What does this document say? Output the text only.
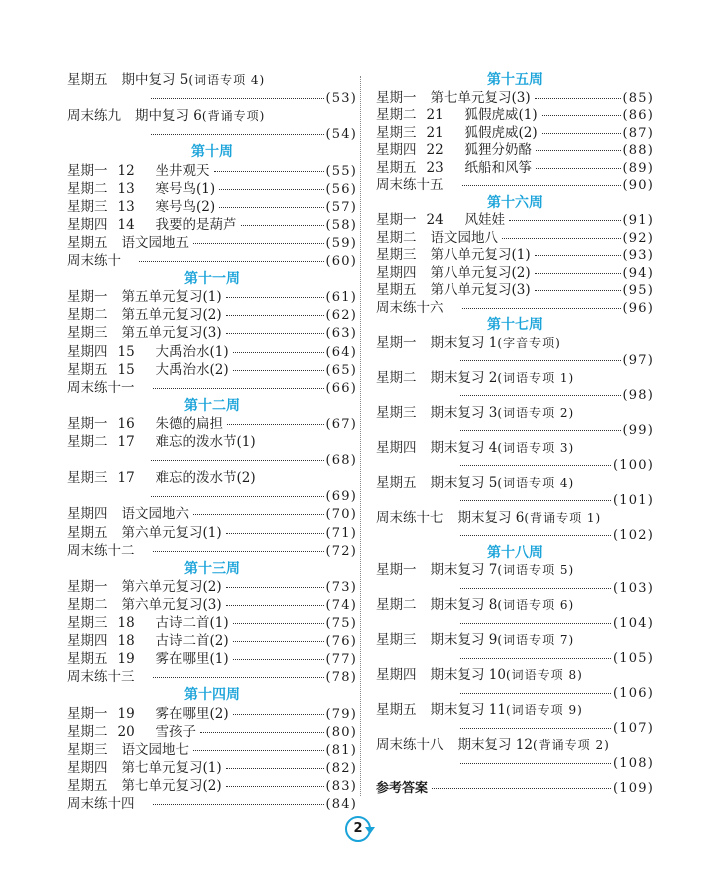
星期五 期中复习 5 (词语专项 4)
(53)
周末练九 期中复习 6 (背诵专项)
(54)
第十周
星期一 12	坐井观天	(55)
星期二 13	寒号鸟(1)	(56)
星期三 13	寒号鸟(2)	(57)
星期四 14	我要的是葫芦	(58)
星期五 语文园地五	(59)
周末练十	(60)
第十一周
星期一 第五单元复习(1)	(61)
星期二 第五单元复习(2)	(62)
星期三 第五单元复习(3)	(63)
星期四 15	大禹治水(1)	(64)
星期五 15	大禹治水(2)	(65)
周末练十一	(66)
第十二周
星期一 16	朱德的扁担	(67)
星期二 17	难忘的泼水节(1)
(68)
星期三 17	难忘的泼水节(2)
(69)
星期四 语文园地六	(70)
星期五 第六单元复习(1)	(71)
周末练十二	(72)
第十三周
星期一 第六单元复习(2)	(73)
星期二 第六单元复习(3)	(74)
星期三 18	古诗二首(1)	(75)
星期四 18	古诗二首(2)	(76)
星期五 19	雾在哪里(1)	(77)
周末练十三	(78)
第十四周
星期一 19	雾在哪里(2)	(79)
星期二 20	雪孩子	(80)
星期三 语文园地七	(81)
星期四 第七单元复习(1)	(82)
星期五 第七单元复习(2)	(83)
周末练十四	(84)
第十五周
星期一 第七单元复习(3)	(85)
星期二 21	狐假虎威(1)	(86)
星期三 21	狐假虎威(2)	(87)
星期四 22	狐狸分奶酪	(88)
星期五 23	纸船和风筝	(89)
周末练十五	(90)
第十六周
星期一 24	风娃娃	(91)
星期二 语文园地八	(92)
星期三 第八单元复习(1)	(93)
星期四 第八单元复习(2)	(94)
星期五 第八单元复习(3)	(95)
周末练十六	(96)
第十七周
星期一 期末复习 1 (字音专项)
(97)
星期二 期末复习 2 (词语专项 1)
(98)
星期三 期末复习 3 (词语专项 2)
(99)
星期四 期末复习 4 (词语专项 3)
(100)
星期五 期末复习 5 (词语专项 4)
(101)
周末练十七 期末复习 6 (背诵专项 1)
(102)
第十八周
星期一 期末复习 7 (词语专项 5)
(103)
星期二 期末复习 8 (词语专项 6)
(104)
星期三 期末复习 9 (词语专项 7)
(105)
星期四 期末复习 10 (词语专项 8)
(106)
星期五 期末复习 11 (词语专项 9)
(107)
周末练十八 期末复习 12 (背诵专项 2)
(108)
参考答案	(109)
2
